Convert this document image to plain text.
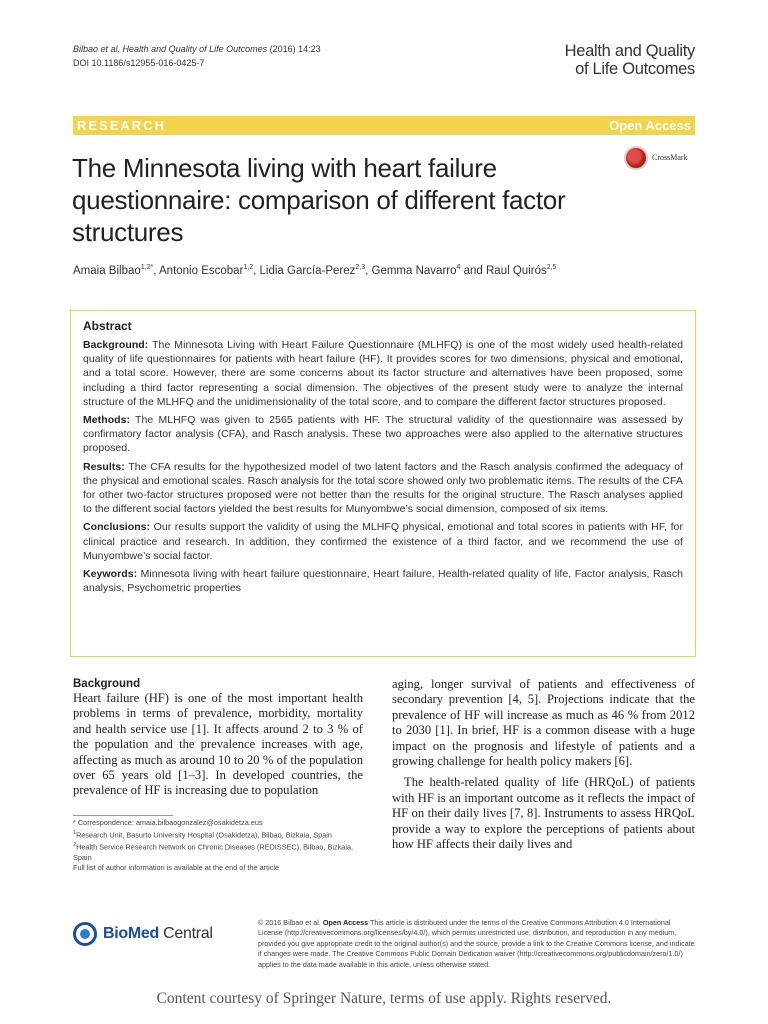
Bilbao et al. Health and Quality of Life Outcomes (2016) 14:23
DOI 10.1186/s12955-016-0425-7
Health and Quality
of Life Outcomes
RESEARCH	Open Access
The Minnesota living with heart failure questionnaire: comparison of different factor structures
CrossMark
Amaia Bilbao$^{1,2*}$, Antonio Escobar$^{1,2}$, Lidia García-Perez$^{2,3}$, Gemma Navarro$^4$ and Raul Quirós$^{2,5}$
Abstract

Background: The Minnesota Living with Heart Failure Questionnaire (MLHFQ) is one of the most widely used health-related quality of life questionnaires for patients with heart failure (HF). It provides scores for two dimensions, physical and emotional, and a total score. However, there are some concerns about its factor structure and alternatives have been proposed, some including a third factor representing a social dimension. The objectives of the present study were to analyze the internal structure of the MLHFQ and the unidimensionality of the total score, and to compare the different factor structures proposed.

Methods: The MLHFQ was given to 2565 patients with HF. The structural validity of the questionnaire was assessed by confirmatory factor analysis (CFA), and Rasch analysis. These two approaches were also applied to the alternative structures proposed.

Results: The CFA results for the hypothesized model of two latent factors and the Rasch analysis confirmed the adequacy of the physical and emotional scales. Rasch analysis for the total score showed only two problematic items. The results of the CFA for other two-factor structures proposed were not better than the results for the original structure. The Rasch analyses applied to the different social factors yielded the best results for Munyombwe’s social dimension, composed of six items.

Conclusions: Our results support the validity of using the MLHFQ physical, emotional and total scores in patients with HF, for clinical practice and research. In addition, they confirmed the existence of a third factor, and we recommend the use of Munyombwe’s social factor.

Keywords: Minnesota living with heart failure questionnaire, Heart failure, Health-related quality of life, Factor analysis, Rasch analysis, Psychometric properties

Background

Heart failure (HF) is one of the most important health problems in terms of prevalence, morbidity, mortality and health service use [1]. It affects around 2 to 3 % of the population and the prevalence increases with age, affecting as much as around 10 to 20 % of the population over 65 years old [1–3]. In developed countries, the prevalence of HF is increasing due to population

aging, longer survival of patients and effectiveness of secondary prevention [4, 5]. Projections indicate that the prevalence of HF will increase as much as 46 % from 2012 to 2030 [1]. In brief, HF is a common disease with a huge impact on the prognosis and lifestyle of patients and a growing challenge for health policy makers [6].

The health-related quality of life (HRQoL) of patients with HF is an important outcome as it reflects the impact of HF on their daily lives [7, 8]. Instruments to assess HRQoL provide a way to explore the perceptions of patients about how HF affects their daily lives and

* Correspondence: amaia.bilbaogonzalez@osakidetza.eus
$^1$Research Unit, Basurto University Hospital (Osakidetza), Bilbao, Bizkaia, Spain
$^2$Health Service Research Network on Chronic Diseases (REDISSEC), Bilbao, Bizkaia, Spain
Full list of author information is available at the end of the article
BioMed Central
© 2016 Bilbao et al. Open Access This article is distributed under the terms of the Creative Commons Attribution 4.0 International License (http://creativecommons.org/licenses/by/4.0/), which permits unrestricted use, distribution, and reproduction in any medium, provided you give appropriate credit to the original author(s) and the source, provide a link to the Creative Commons license, and indicate if changes were made. The Creative Commons Public Domain Dedication waiver (http://creativecommons.org/publicdomain/zero/1.0/) applies to the data made available in this article, unless otherwise stated.
Content courtesy of Springer Nature, terms of use apply. Rights reserved.
